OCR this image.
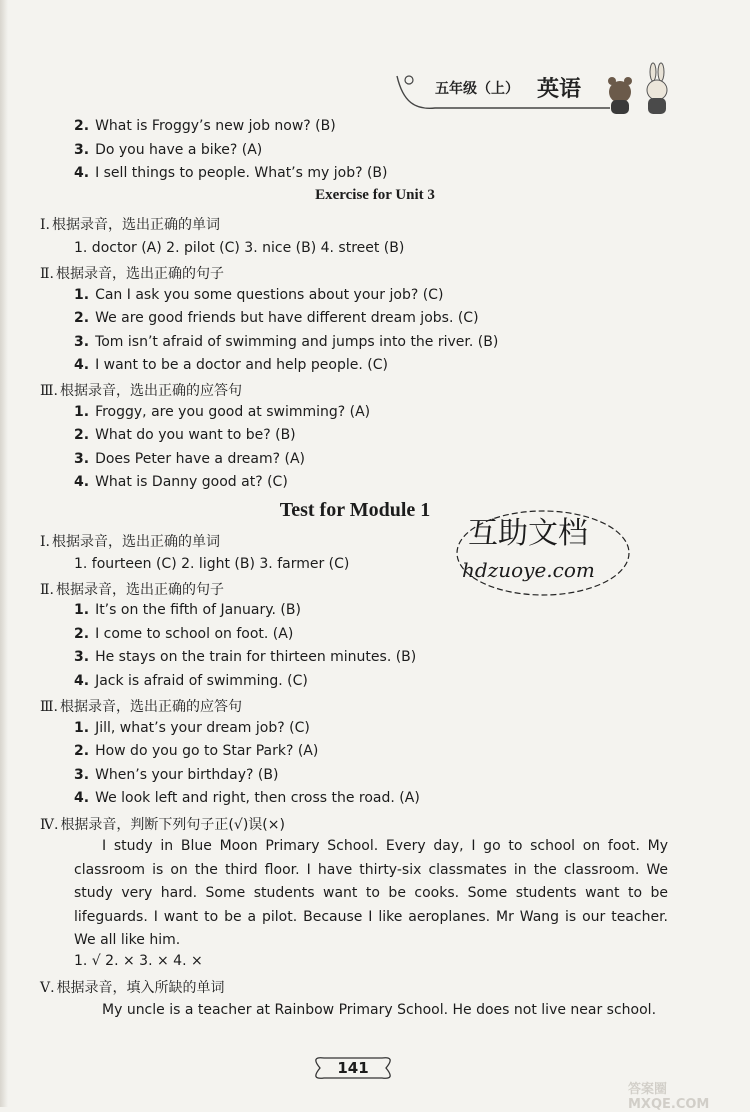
五年级（上） 英语
2. What is Froggy’s new job now? (B)
3. Do you have a bike? (A)
4. I sell things to people. What’s my job? (B)
Exercise for Unit 3
Ⅰ. 根据录音，选出正确的单词
1. doctor (A) 2. pilot (C) 3. nice (B) 4. street (B)
Ⅱ. 根据录音，选出正确的句子
1. Can I ask you some questions about your job? (C)
2. We are good friends but have different dream jobs. (C)
3. Tom isn’t afraid of swimming and jumps into the river. (B)
4. I want to be a doctor and help people. (C)
Ⅲ. 根据录音，选出正确的应答句
1. Froggy, are you good at swimming? (A)
2. What do you want to be? (B)
3. Does Peter have a dream? (A)
4. What is Danny good at? (C)
Test for Module 1
Ⅰ. 根据录音，选出正确的单词
1. fourteen (C) 2. light (B) 3. farmer (C)
Ⅱ. 根据录音，选出正确的句子
1. It’s on the fifth of January. (B)
2. I come to school on foot. (A)
3. He stays on the train for thirteen minutes. (B)
4. Jack is afraid of swimming. (C)
Ⅲ. 根据录音，选出正确的应答句
1. Jill, what’s your dream job? (C)
2. How do you go to Star Park? (A)
3. When’s your birthday? (B)
4. We look left and right, then cross the road. (A)
Ⅳ. 根据录音，判断下列句子正(√)误(×)
I study in Blue Moon Primary School. Every day, I go to school on foot. My classroom is on the third floor. I have thirty-six classmates in the classroom. We study very hard. Some students want to be cooks. Some students want to be lifeguards. I want to be a pilot. Because I like aeroplanes. Mr Wang is our teacher. We all like him.
1. √ 2. × 3. × 4. ×
Ⅴ. 根据录音，填入所缺的单词
My uncle is a teacher at Rainbow Primary School. He does not live near school.
互助文档
hdzuoye.com
141
答案圈 MXQE.COM
